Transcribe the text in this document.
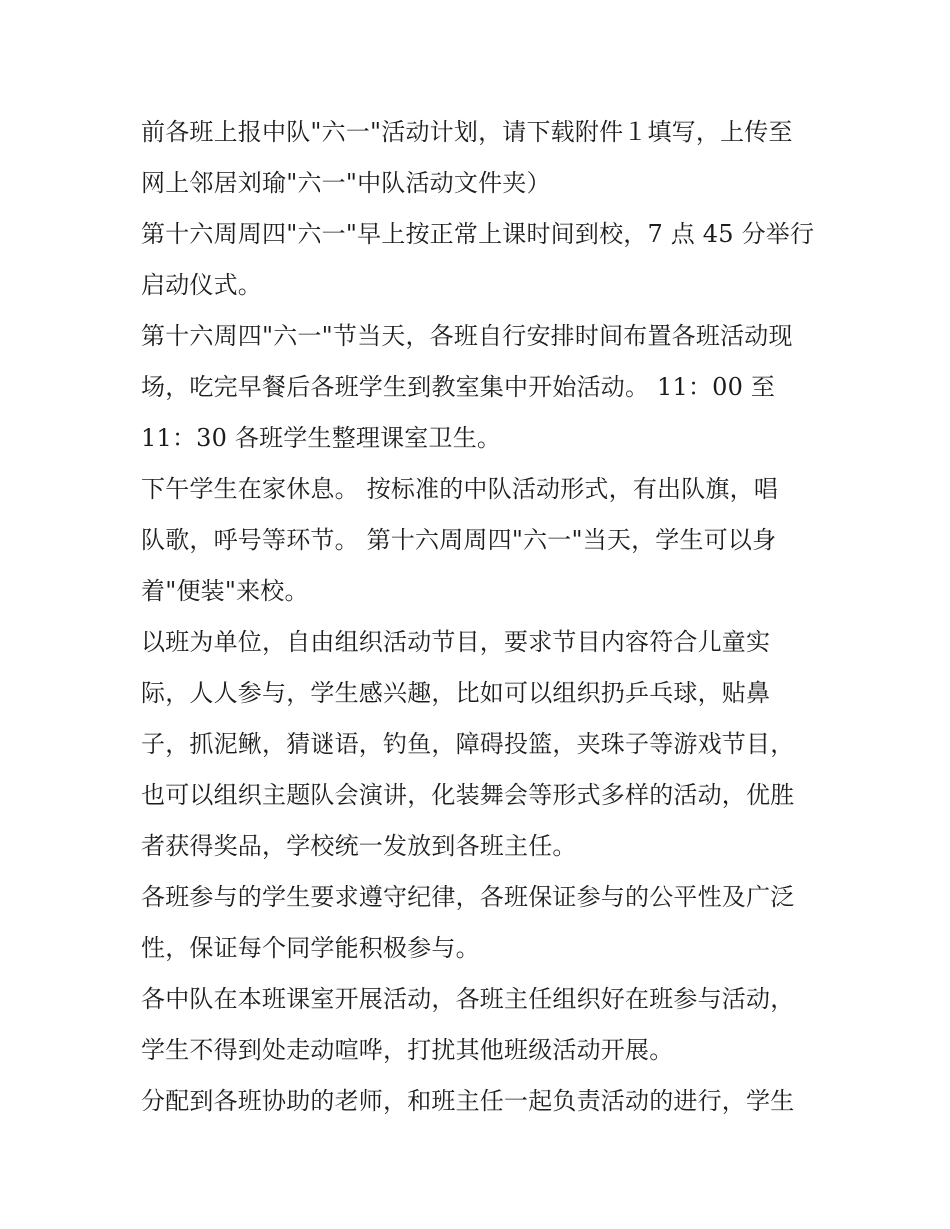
前各班上报中队"六一"活动计划，请下载附件１填写，上传至
网上邻居刘瑜"六一"中队活动文件夹）
第十六周周四"六一"早上按正常上课时间到校，7 点 45 分举行
启动仪式。
第十六周四"六一"节当天，各班自行安排时间布置各班活动现
场，吃完早餐后各班学生到教室集中开始活动。 11：00 至
11：30 各班学生整理课室卫生。
下午学生在家休息。 按标准的中队活动形式，有出队旗，唱
队歌，呼号等环节。 第十六周周四"六一"当天，学生可以身
着"便装"来校。
以班为单位，自由组织活动节目，要求节目内容符合儿童实
际，人人参与，学生感兴趣，比如可以组织扔乒乓球，贴鼻
子，抓泥鳅，猜谜语，钓鱼，障碍投篮，夹珠子等游戏节目，
也可以组织主题队会演讲，化装舞会等形式多样的活动，优胜
者获得奖品，学校统一发放到各班主任。
各班参与的学生要求遵守纪律，各班保证参与的公平性及广泛
性，保证每个同学能积极参与。
各中队在本班课室开展活动，各班主任组织好在班参与活动，
学生不得到处走动喧哗，打扰其他班级活动开展。
分配到各班协助的老师，和班主任一起负责活动的进行，学生
